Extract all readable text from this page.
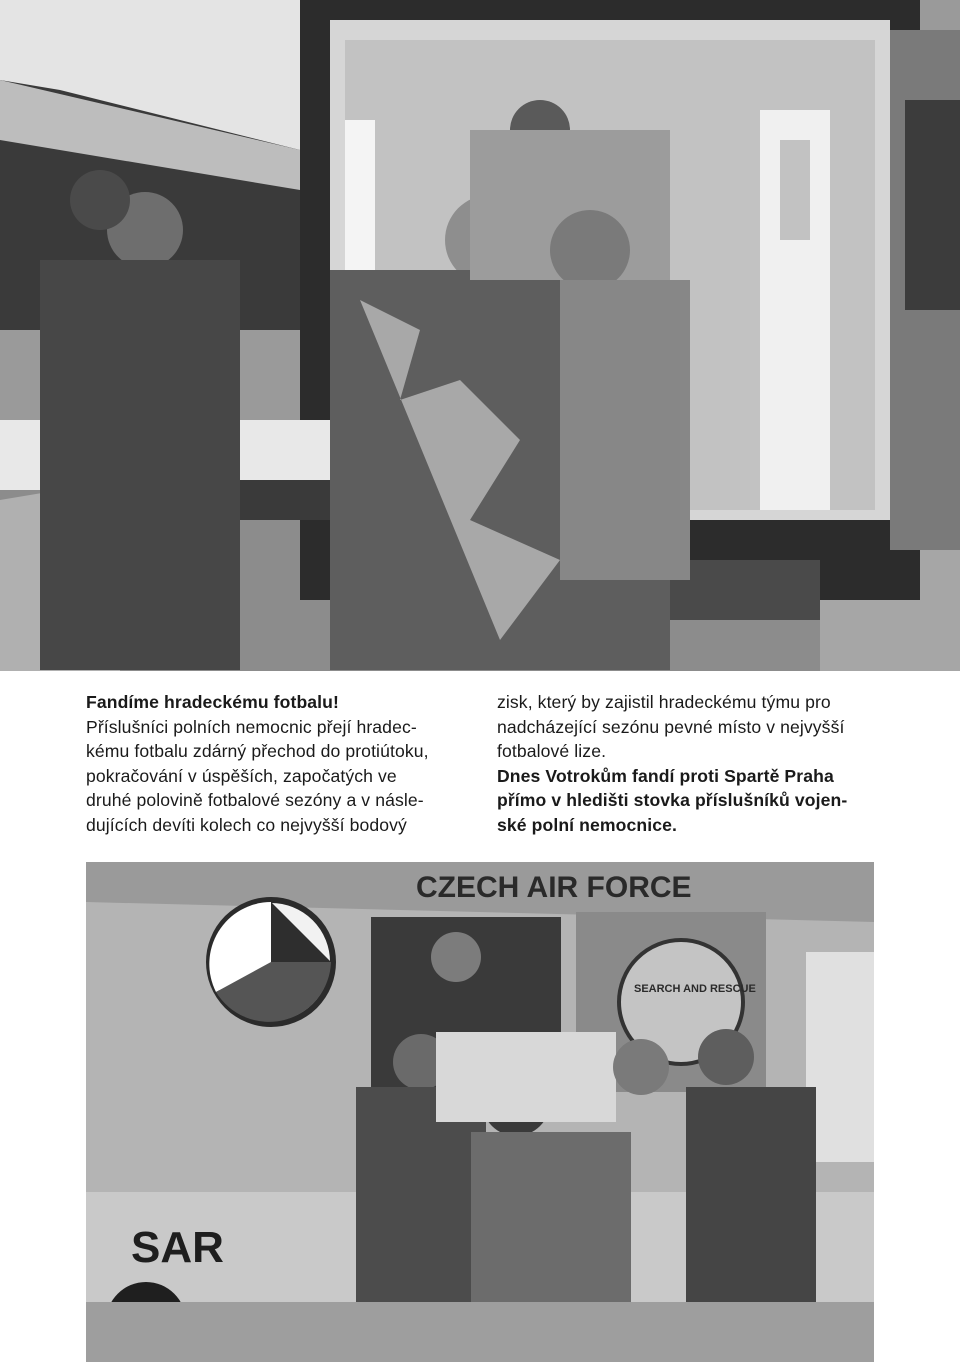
Fandíme hradeckému fotbalu!

Příslušníci polních nemocnic přejí hradec-

kému fotbalu zdárný přechod do protiútoku,

pokračování v úspěších, započatých ve

druhé polovině fotbalové sezóny a v násle-

dujících devíti kolech co nejvyšší bodový

zisk, který by zajistil hradeckému týmu pro

nadcházející sezónu pevné místo v nejvyšší

fotbalové lize.

Dnes Votrokům fandí proti Spartě Praha

přímo v hledišti stovka příslušníků vojen-

ské polní nemocnice.

CZECH AIR FORCE
SEARCH AND RESCUE
SAR
